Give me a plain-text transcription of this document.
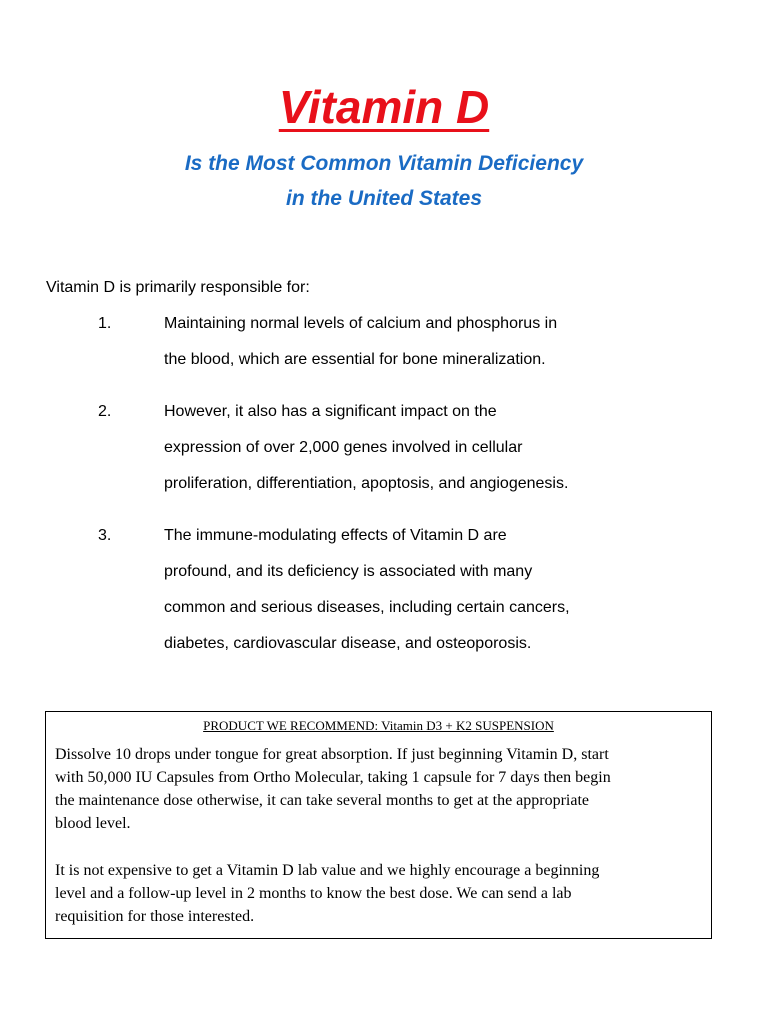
Vitamin D
Is the Most Common Vitamin Deficiency
in the United States
Vitamin D is primarily responsible for:
1.	Maintaining normal levels of calcium and phosphorus in
the blood, which are essential for bone mineralization.
2.	However, it also has a significant impact on the
expression of over 2,000 genes involved in cellular
proliferation, differentiation, apoptosis, and angiogenesis.
3.	The immune-modulating effects of Vitamin D are
profound, and its deficiency is associated with many
common and serious diseases, including certain cancers,
diabetes, cardiovascular disease, and osteoporosis.
PRODUCT WE RECOMMEND: Vitamin D3 + K2 SUSPENSION
Dissolve 10 drops under tongue for great absorption. If just beginning Vitamin D, start
with 50,000 IU Capsules from Ortho Molecular, taking 1 capsule for 7 days then begin
the maintenance dose otherwise, it can take several months to get at the appropriate
blood level.
It is not expensive to get a Vitamin D lab value and we highly encourage a beginning
level and a follow-up level in 2 months to know the best dose. We can send a lab
requisition for those interested.
